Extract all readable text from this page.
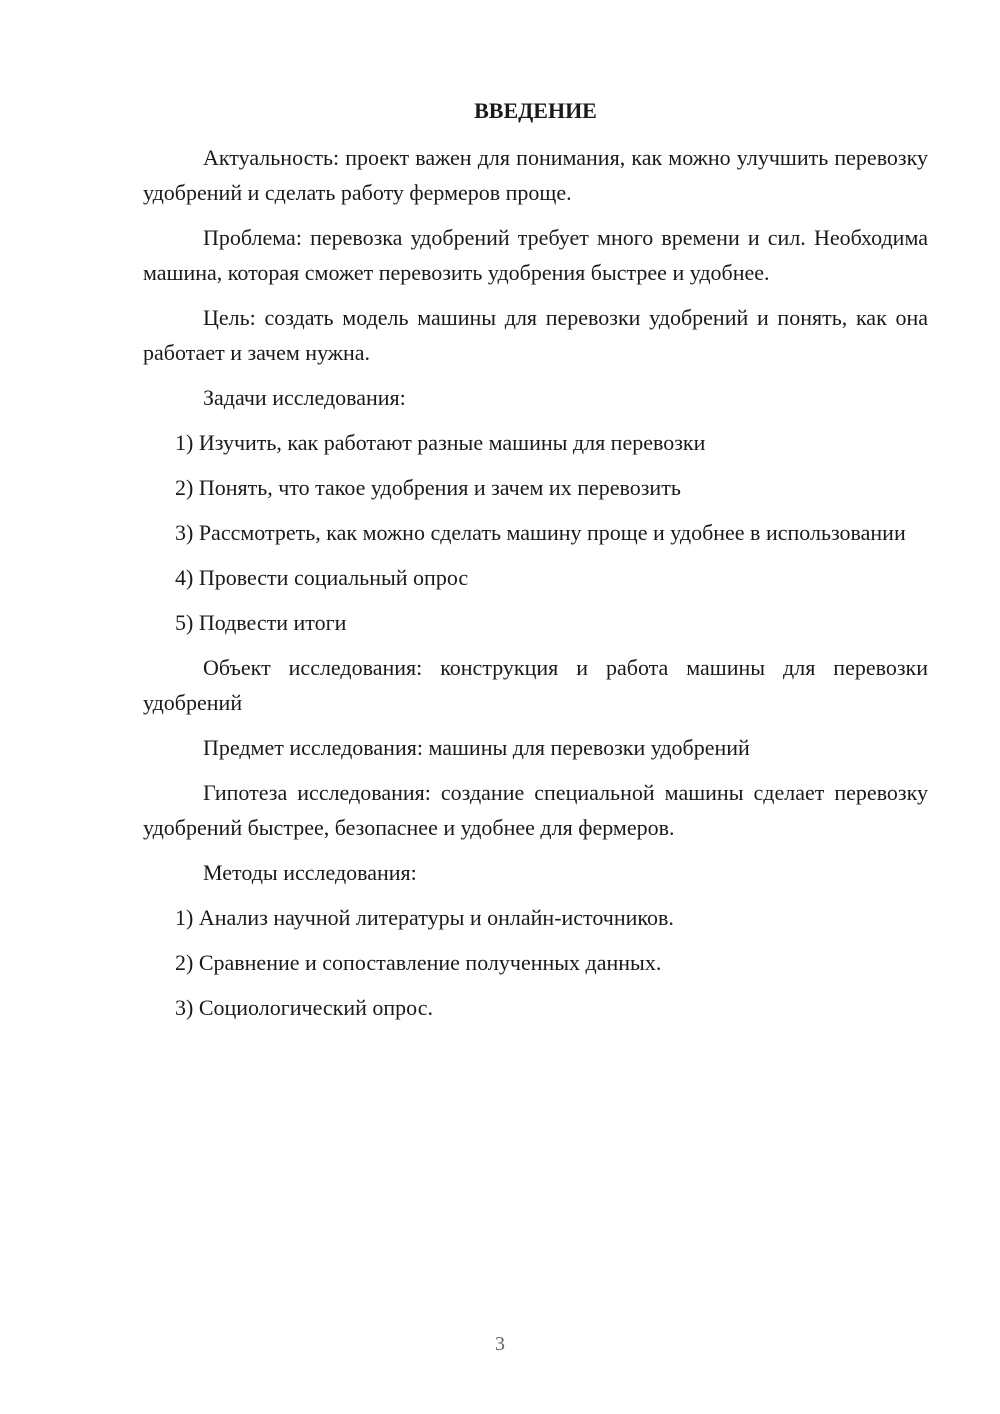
ВВЕДЕНИЕ

Актуальность: проект важен для понимания, как можно улучшить перевозку удобрений и сделать работу фермеров проще.

Проблема: перевозка удобрений требует много времени и сил. Необходима машина, которая сможет перевозить удобрения быстрее и удобнее.

Цель: создать модель машины для перевозки удобрений и понять, как она работает и зачем нужна.

Задачи исследования:

1) Изучить, как работают разные машины для перевозки

2) Понять, что такое удобрения и зачем их перевозить

3) Рассмотреть, как можно сделать машину проще и удобнее в использовании

4) Провести социальный опрос

5) Подвести итоги

Объект исследования: конструкция и работа машины для перевозки удобрений

Предмет исследования: машины для перевозки удобрений

Гипотеза исследования: создание специальной машины сделает перевозку удобрений быстрее, безопаснее и удобнее для фермеров.

Методы исследования:

1) Анализ научной литературы и онлайн-источников.

2) Сравнение и сопоставление полученных данных.

3) Социологический опрос.

3
